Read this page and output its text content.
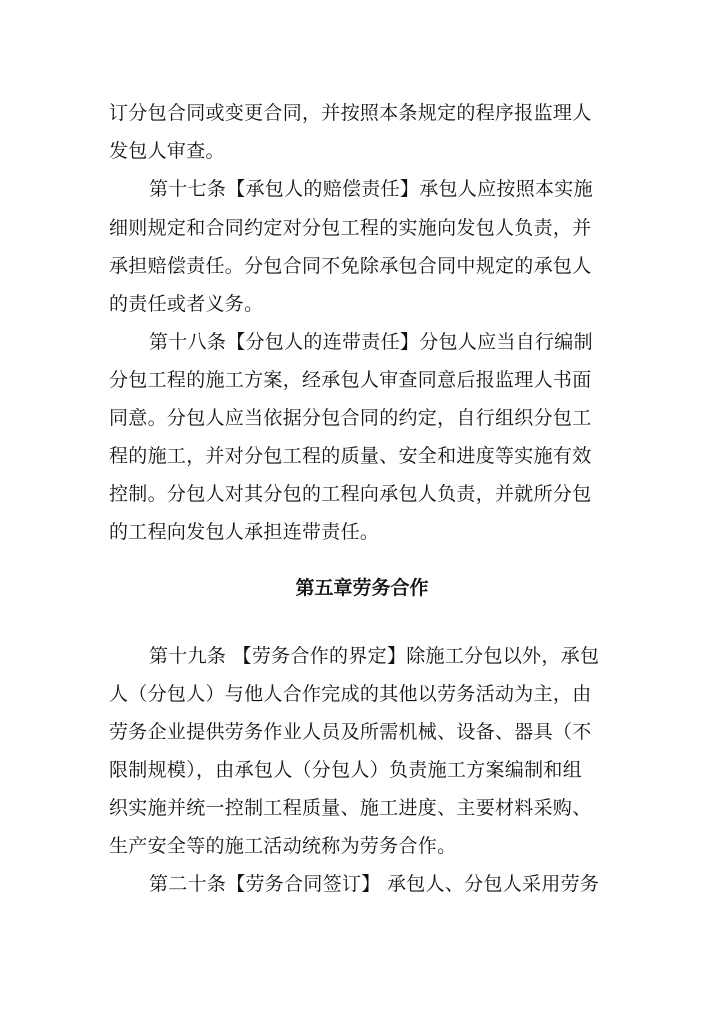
订分包合同或变更合同，并按照本条规定的程序报监理人
发包人审查。
第十七条【承包人的赔偿责任】承包人应按照本实施
细则规定和合同约定对分包工程的实施向发包人负责，并
承担赔偿责任。分包合同不免除承包合同中规定的承包人
的责任或者义务。
第十八条【分包人的连带责任】分包人应当自行编制
分包工程的施工方案，经承包人审查同意后报监理人书面
同意。分包人应当依据分包合同的约定，自行组织分包工
程的施工，并对分包工程的质量、安全和进度等实施有效
控制。分包人对其分包的工程向承包人负责，并就所分包
的工程向发包人承担连带责任。
第五章劳务合作
第十九条 【劳务合作的界定】除施工分包以外，承包
人（分包人）与他人合作完成的其他以劳务活动为主，由
劳务企业提供劳务作业人员及所需机械、设备、器具（不
限制规模），由承包人（分包人）负责施工方案编制和组
织实施并统一控制工程质量、施工进度、主要材料采购、
生产安全等的施工活动统称为劳务合作。
第二十条【劳务合同签订】 承包人、分包人采用劳务
